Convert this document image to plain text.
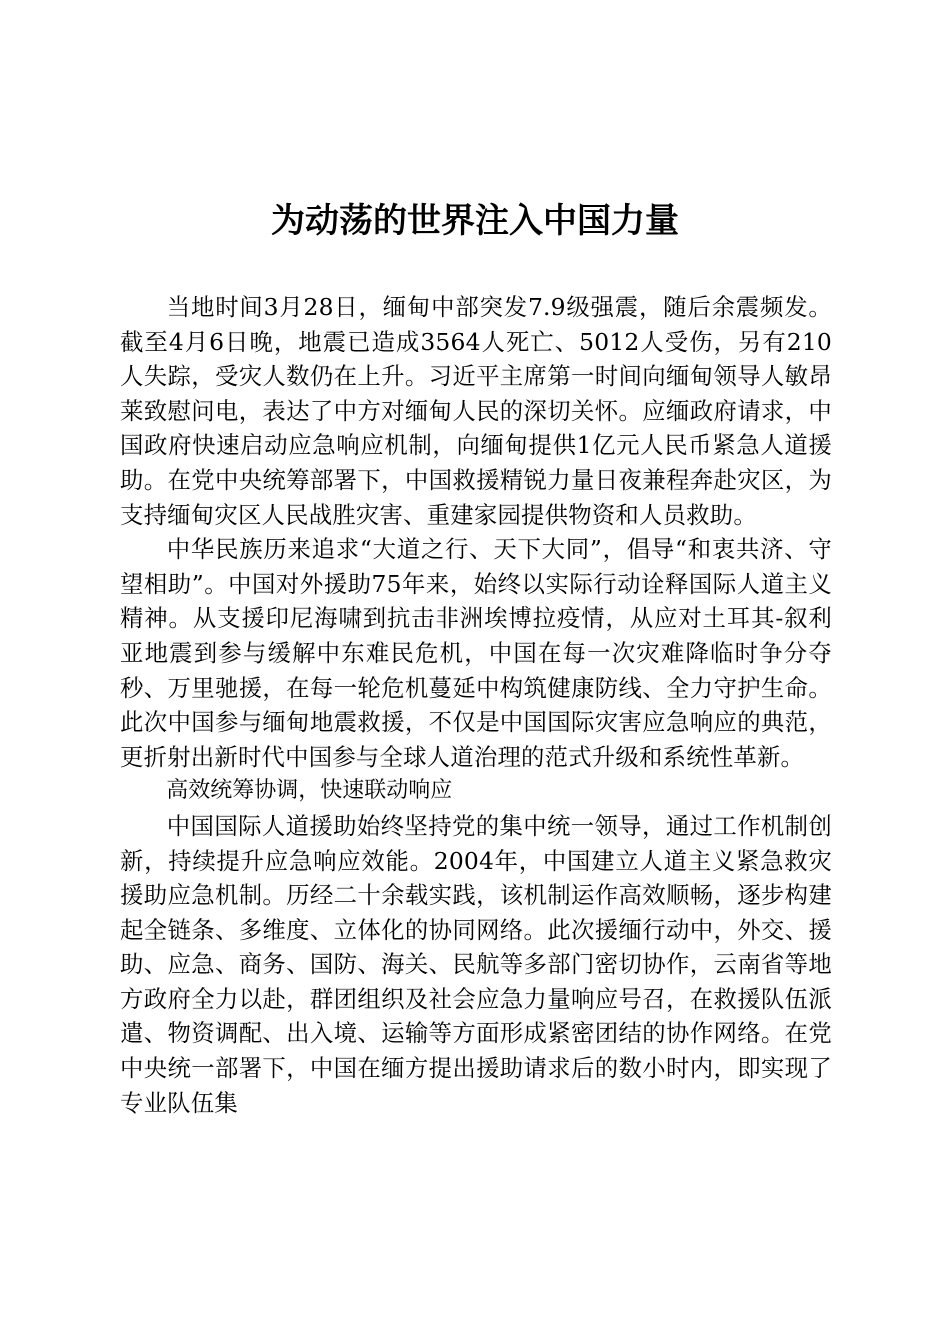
为动荡的世界注入中国力量

当地时间3月28日，缅甸中部突发7.9级强震，随后余震频发。截至4月6日晚，地震已造成3564人死亡、5012人受伤，另有210人失踪，受灾人数仍在上升。习近平主席第一时间向缅甸领导人敏昂莱致慰问电，表达了中方对缅甸人民的深切关怀。应缅政府请求，中国政府快速启动应急响应机制，向缅甸提供1亿元人民币紧急人道援助。在党中央统筹部署下，中国救援精锐力量日夜兼程奔赴灾区，为支持缅甸灾区人民战胜灾害、重建家园提供物资和人员救助。

中华民族历来追求“大道之行、天下大同”，倡导“和衷共济、守望相助”。中国对外援助75年来，始终以实际行动诠释国际人道主义精神。从支援印尼海啸到抗击非洲埃博拉疫情，从应对土耳其-叙利亚地震到参与缓解中东难民危机，中国在每一次灾难降临时争分夺秒、万里驰援，在每一轮危机蔓延中构筑健康防线、全力守护生命。此次中国参与缅甸地震救援，不仅是中国国际灾害应急响应的典范，更折射出新时代中国参与全球人道治理的范式升级和系统性革新。

高效统筹协调，快速联动响应

中国国际人道援助始终坚持党的集中统一领导，通过工作机制创新，持续提升应急响应效能。2004年，中国建立人道主义紧急救灾援助应急机制。历经二十余载实践，该机制运作高效顺畅，逐步构建起全链条、多维度、立体化的协同网络。此次援缅行动中，外交、援助、应急、商务、国防、海关、民航等多部门密切协作，云南省等地方政府全力以赴，群团组织及社会应急力量响应号召，在救援队伍派遣、物资调配、出入境、运输等方面形成紧密团结的协作网络。在党中央统一部署下，中国在缅方提出援助请求后的数小时内，即实现了专业队伍集
